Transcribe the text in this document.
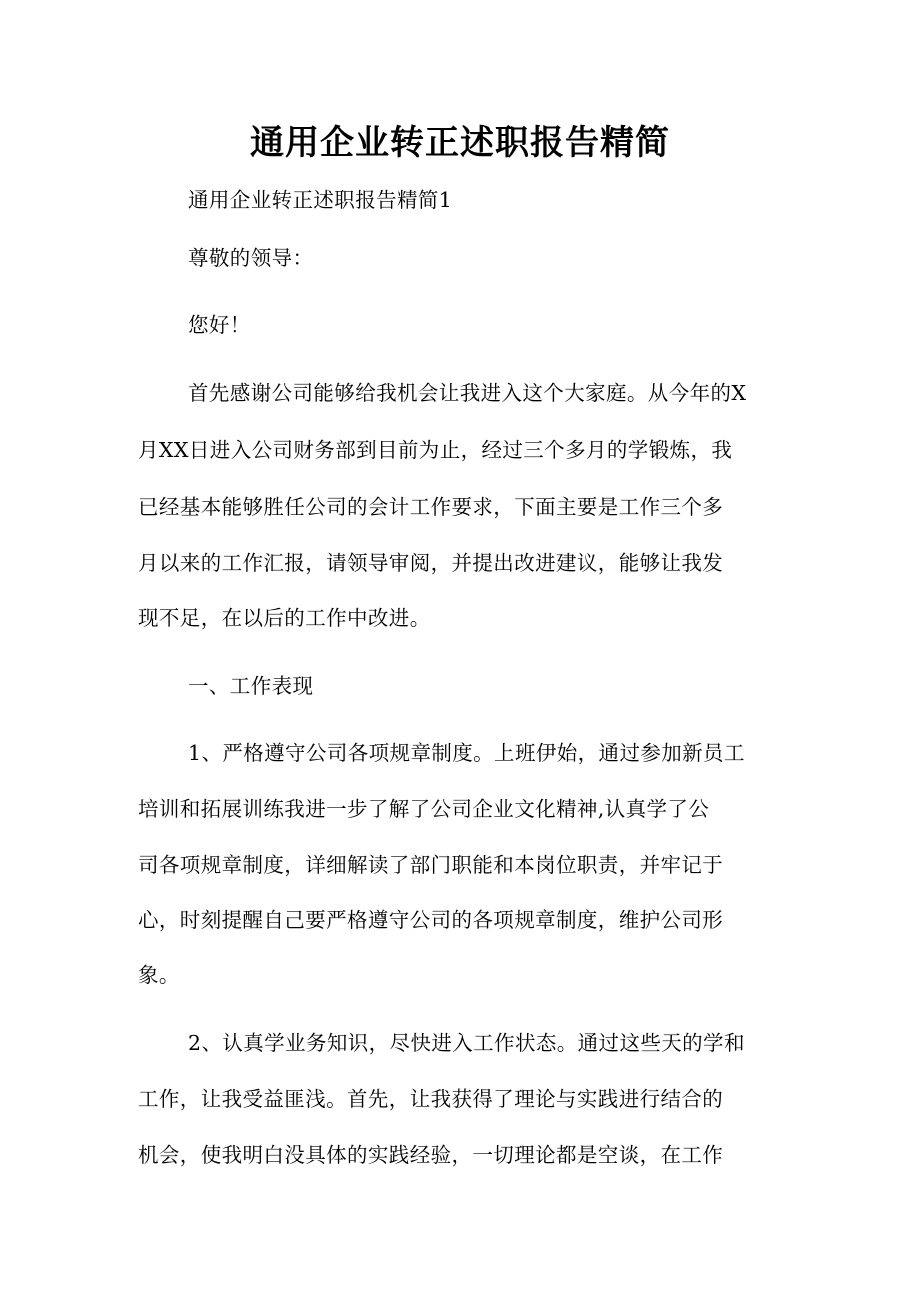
通用企业转正述职报告精简
通用企业转正述职报告精简1
尊敬的领导：
您好！
首先感谢公司能够给我机会让我进入这个大家庭。从今年的X
月XX日进入公司财务部到目前为止，经过三个多月的学锻炼，我
已经基本能够胜任公司的会计工作要求，下面主要是工作三个多
月以来的工作汇报，请领导审阅，并提出改进建议，能够让我发
现不足，在以后的工作中改进。
一、工作表现
1、严格遵守公司各项规章制度。上班伊始，通过参加新员工
培训和拓展训练我进一步了解了公司企业文化精神,认真学了公
司各项规章制度，详细解读了部门职能和本岗位职责，并牢记于
心，时刻提醒自己要严格遵守公司的各项规章制度，维护公司形
象。
2、认真学业务知识，尽快进入工作状态。通过这些天的学和
工作，让我受益匪浅。首先，让我获得了理论与实践进行结合的
机会，使我明白没具体的实践经验，一切理论都是空谈，在工作
